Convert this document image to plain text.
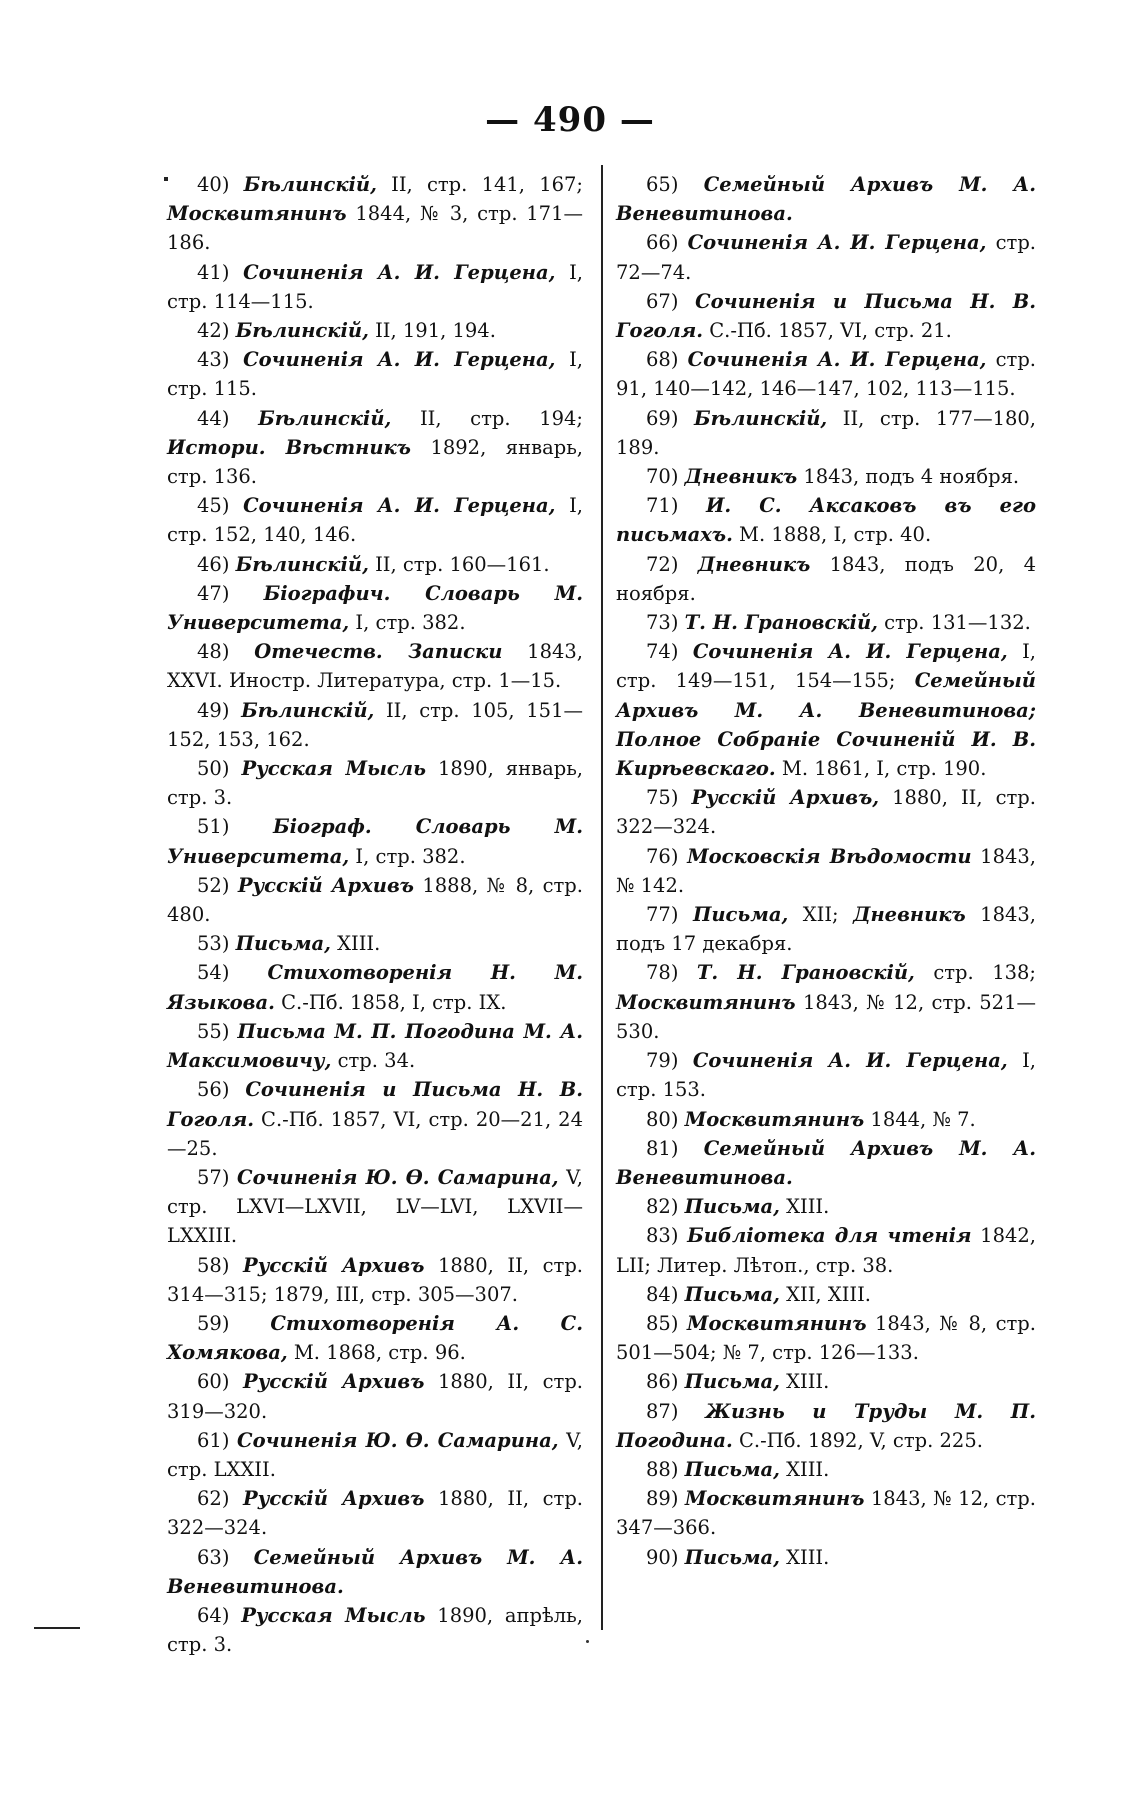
— 490 —

40) Бѣлинскій, II, стр. 141, 167; Москвитянинъ 1844, № 3, стр. 171—186.

41) Сочиненія А. И. Герцена, I, стр. 114—115.

42) Бѣлинскій, II, 191, 194.

43) Сочиненія А. И. Герцена, I, стр. 115.

44) Бѣлинскій, II, стр. 194; Истори. Вѣстникъ 1892, январь, стр. 136.

45) Сочиненія А. И. Герцена, I, стр. 152, 140, 146.

46) Бѣлинскій, II, стр. 160—161.

47) Біографич. Словарь М. Университета, I, стр. 382.

48) Отечеств. Записки 1843, XXVI. Иностр. Литература, стр. 1—15.

49) Бѣлинскій, II, стр. 105, 151—152, 153, 162.

50) Русская Мысль 1890, январь, стр. 3.

51) Біограф. Словарь М. Университета, I, стр. 382.

52) Русскій Архивъ 1888, № 8, стр. 480.

53) Письма, XIII.

54) Стихотворенія Н. М. Языкова. С.-Пб. 1858, I, стр. IX.

55) Письма М. П. Погодина М. А. Максимовичу, стр. 34.

56) Сочиненія и Письма Н. В. Гоголя. С.-Пб. 1857, VI, стр. 20—21, 24—25.

57) Сочиненія Ю. Ѳ. Самарина, V, стр. LXVI—LXVII, LV—LVI, LXVII—LXXIII.

58) Русскій Архивъ 1880, II, стр. 314—315; 1879, III, стр. 305—307.

59) Стихотворенія А. С. Хомякова, М. 1868, стр. 96.

60) Русскій Архивъ 1880, II, стр. 319—320.

61) Сочиненія Ю. Ѳ. Самарина, V, стр. LXXII.

62) Русскій Архивъ 1880, II, стр. 322—324.

63) Семейный Архивъ М. А. Веневитинова.

64) Русская Мысль 1890, апрѣль, стр. 3.

65) Семейный Архивъ М. А. Веневитинова.

66) Сочиненія А. И. Герцена, стр. 72—74.

67) Сочиненія и Письма Н. В. Гоголя. С.-Пб. 1857, VI, стр. 21.

68) Сочиненія А. И. Герцена, стр. 91, 140—142, 146—147, 102, 113—115.

69) Бѣлинскій, II, стр. 177—180, 189.

70) Дневникъ 1843, подъ 4 ноября.

71) И. С. Аксаковъ въ его письмахъ. М. 1888, I, стр. 40.

72) Дневникъ 1843, подъ 20, 4 ноября.

73) Т. Н. Грановскій, стр. 131—132.

74) Сочиненія А. И. Герцена, I, стр. 149—151, 154—155; Семейный Архивъ М. А. Веневитинова; Полное Собраніе Сочиненій И. В. Кирѣевскаго. М. 1861, I, стр. 190.

75) Русскій Архивъ, 1880, II, стр. 322—324.

76) Московскія Вѣдомости 1843, № 142.

77) Письма, XII; Дневникъ 1843, подъ 17 декабря.

78) Т. Н. Грановскій, стр. 138; Москвитянинъ 1843, № 12, стр. 521—530.

79) Сочиненія А. И. Герцена, I, стр. 153.

80) Москвитянинъ 1844, № 7.

81) Семейный Архивъ М. А. Веневитинова.

82) Письма, XIII.

83) Библіотека для чтенія 1842, LII; Литер. Лѣтоп., стр. 38.

84) Письма, XII, XIII.

85) Москвитянинъ 1843, № 8, стр. 501—504; № 7, стр. 126—133.

86) Письма, XIII.

87) Жизнь и Труды М. П. Погодина. С.-Пб. 1892, V, стр. 225.

88) Письма, XIII.

89) Москвитянинъ 1843, № 12, стр. 347—366.

90) Письма, XIII.
